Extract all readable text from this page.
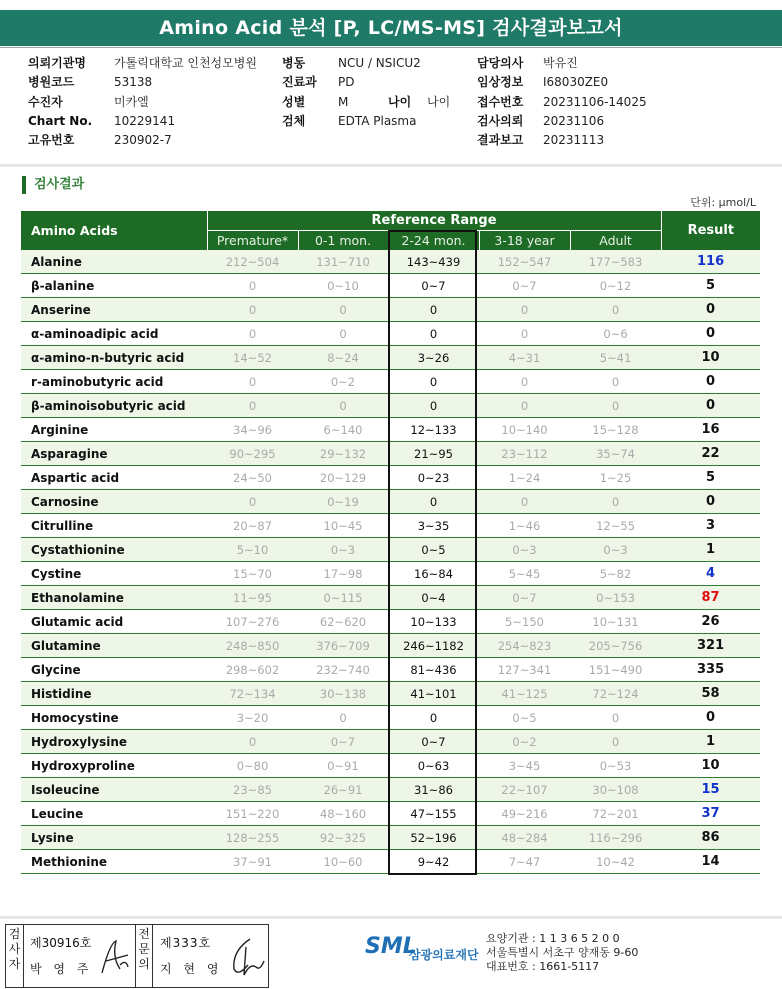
Amino Acid 분석 [P, LC/MS-MS] 검사결과보고서
의뢰기관명 가톨릭대학교 인천성모병원
병원코드	53138
수진자	미카엘
Chart No. 10229141
고유번호	230902-7
병동	NCU / NSICU2
진료과 PD
성별	M	나이 나이
검체	EDTA Plasma
담당의사 박유진
임상정보 I68030ZE0
접수번호 20231106-14025
검사의뢰 20231106
결과보고 20231113
검사결과
단위: μmol/L
Amino Acids	Reference Range					Result
	Premature*	0-1 mon.	2-24 mon.	3-18 year	Adult	
Alanine	212~504	131~710	143~439	152~547	177~583	116
β-alanine	0	0~10	0~7	0~7	0~12	5
Anserine	0	0	0	0	0	0
α-aminoadipic acid	0	0	0	0	0~6	0
α-amino-n-butyric acid	14~52	8~24	3~26	4~31	5~41	10
r-aminobutyric acid	0	0~2	0	0	0	0
β-aminoisobutyric acid	0	0	0	0	0	0
Arginine	34~96	6~140	12~133	10~140	15~128	16
Asparagine	90~295	29~132	21~95	23~112	35~74	22
Aspartic acid	24~50	20~129	0~23	1~24	1~25	5
Carnosine	0	0~19	0	0	0	0
Citrulline	20~87	10~45	3~35	1~46	12~55	3
Cystathionine	5~10	0~3	0~5	0~3	0~3	1
Cystine	15~70	17~98	16~84	5~45	5~82	4
Ethanolamine	11~95	0~115	0~4	0~7	0~153	87
Glutamic acid	107~276	62~620	10~133	5~150	10~131	26
Glutamine	248~850	376~709	246~1182	254~823	205~756	321
Glycine	298~602	232~740	81~436	127~341	151~490	335
Histidine	72~134	30~138	41~101	41~125	72~124	58
Homocystine	3~20	0	0	0~5	0	0
Hydroxylysine	0	0~7	0~7	0~2	0	1
Hydroxyproline	0~80	0~91	0~63	3~45	0~53	10
Isoleucine	23~85	26~91	31~86	22~107	30~108	15
Leucine	151~220	48~160	47~155	49~216	72~201	37
Lysine	128~255	92~325	52~196	48~284	116~296	86
Methionine	37~91	10~60	9~42	7~47	10~42	14
검사자
제30916호
박 영 주
전문의
제333호
지 현 영
SML
삼광의료재단
요양기관 : 1 1 3 6 5 2 0 0
서울특별시 서초구 양재동 9-60
대표번호 : 1661-5117
